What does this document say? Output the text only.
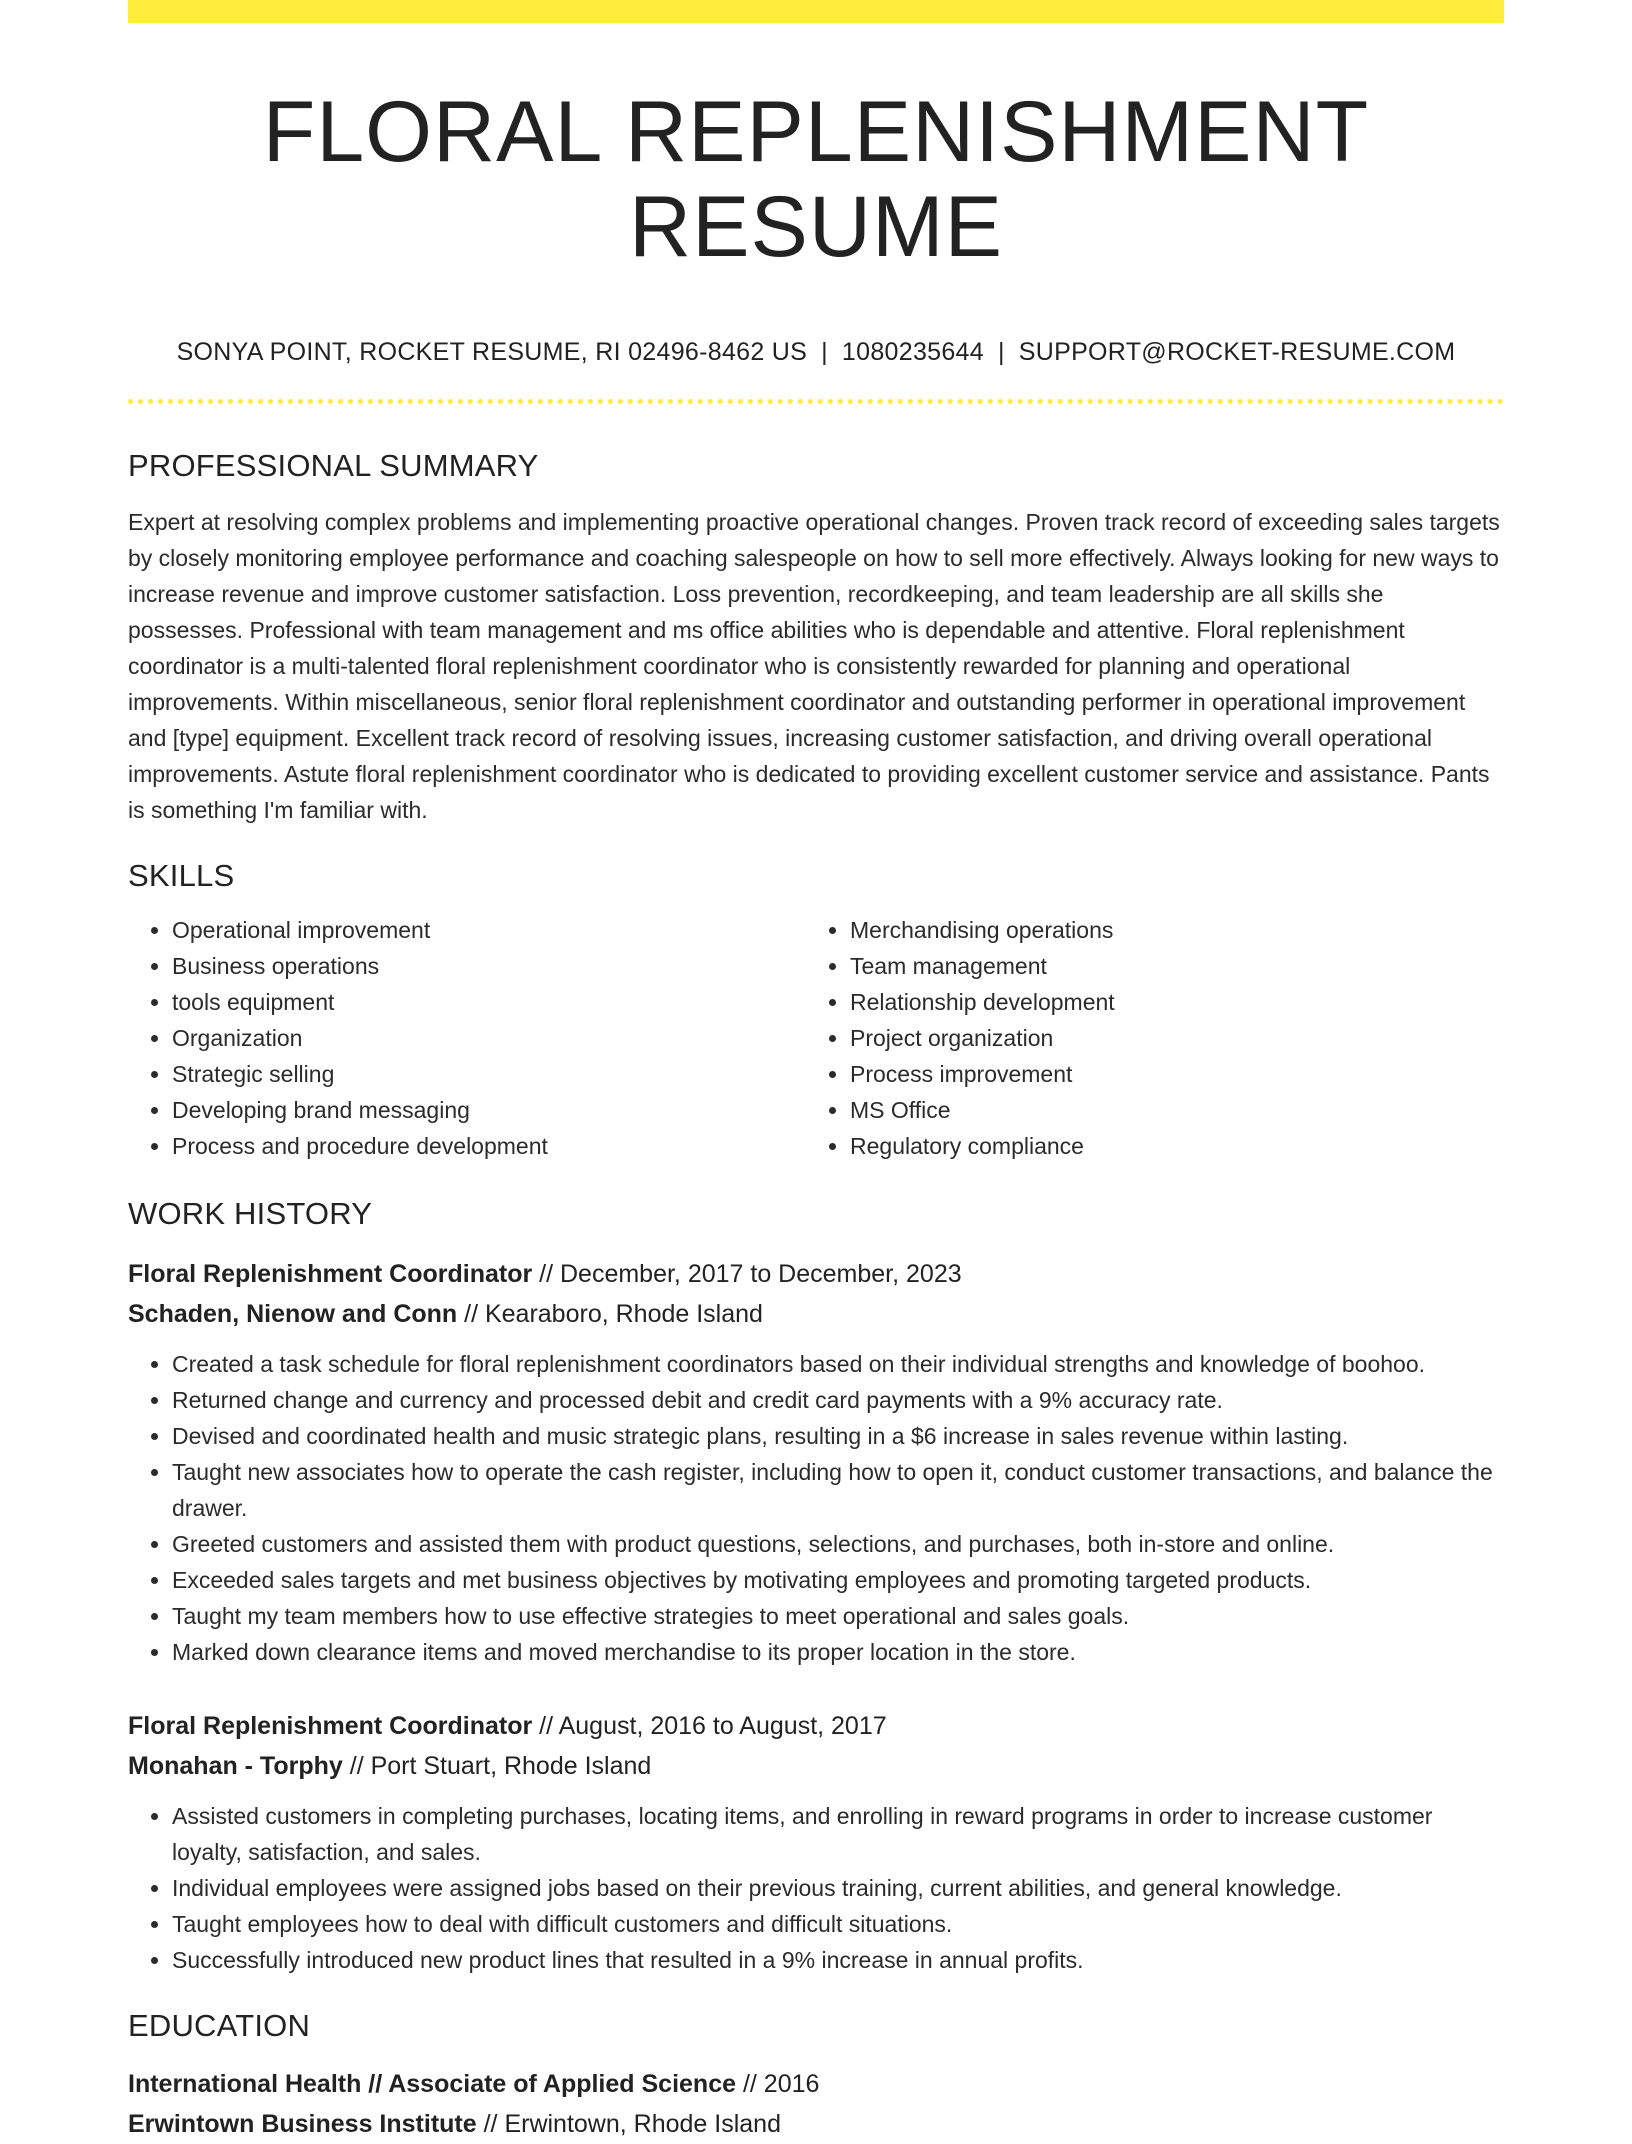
FLORAL REPLENISHMENT RESUME
SONYA POINT, ROCKET RESUME, RI 02496-8462 US | 1080235644 | SUPPORT@ROCKET-RESUME.COM
PROFESSIONAL SUMMARY
Expert at resolving complex problems and implementing proactive operational changes. Proven track record of exceeding sales targets by closely monitoring employee performance and coaching salespeople on how to sell more effectively. Always looking for new ways to increase revenue and improve customer satisfaction. Loss prevention, recordkeeping, and team leadership are all skills she possesses. Professional with team management and ms office abilities who is dependable and attentive. Floral replenishment coordinator is a multi-talented floral replenishment coordinator who is consistently rewarded for planning and operational improvements. Within miscellaneous, senior floral replenishment coordinator and outstanding performer in operational improvement and [type] equipment. Excellent track record of resolving issues, increasing customer satisfaction, and driving overall operational improvements. Astute floral replenishment coordinator who is dedicated to providing excellent customer service and assistance. Pants is something I'm familiar with.
SKILLS
• Operational improvement
• Business operations
• tools equipment
• Organization
• Strategic selling
• Developing brand messaging
• Process and procedure development
• Merchandising operations
• Team management
• Relationship development
• Project organization
• Process improvement
• MS Office
• Regulatory compliance
WORK HISTORY
Floral Replenishment Coordinator // December, 2017 to December, 2023
Schaden, Nienow and Conn // Kearaboro, Rhode Island
• Created a task schedule for floral replenishment coordinators based on their individual strengths and knowledge of boohoo.
• Returned change and currency and processed debit and credit card payments with a 9% accuracy rate.
• Devised and coordinated health and music strategic plans, resulting in a $6 increase in sales revenue within lasting.
• Taught new associates how to operate the cash register, including how to open it, conduct customer transactions, and balance the drawer.
• Greeted customers and assisted them with product questions, selections, and purchases, both in-store and online.
• Exceeded sales targets and met business objectives by motivating employees and promoting targeted products.
• Taught my team members how to use effective strategies to meet operational and sales goals.
• Marked down clearance items and moved merchandise to its proper location in the store.
Floral Replenishment Coordinator // August, 2016 to August, 2017
Monahan - Torphy // Port Stuart, Rhode Island
• Assisted customers in completing purchases, locating items, and enrolling in reward programs in order to increase customer loyalty, satisfaction, and sales.
• Individual employees were assigned jobs based on their previous training, current abilities, and general knowledge.
• Taught employees how to deal with difficult customers and difficult situations.
• Successfully introduced new product lines that resulted in a 9% increase in annual profits.
EDUCATION
International Health // Associate of Applied Science // 2016
Erwintown Business Institute // Erwintown, Rhode Island
